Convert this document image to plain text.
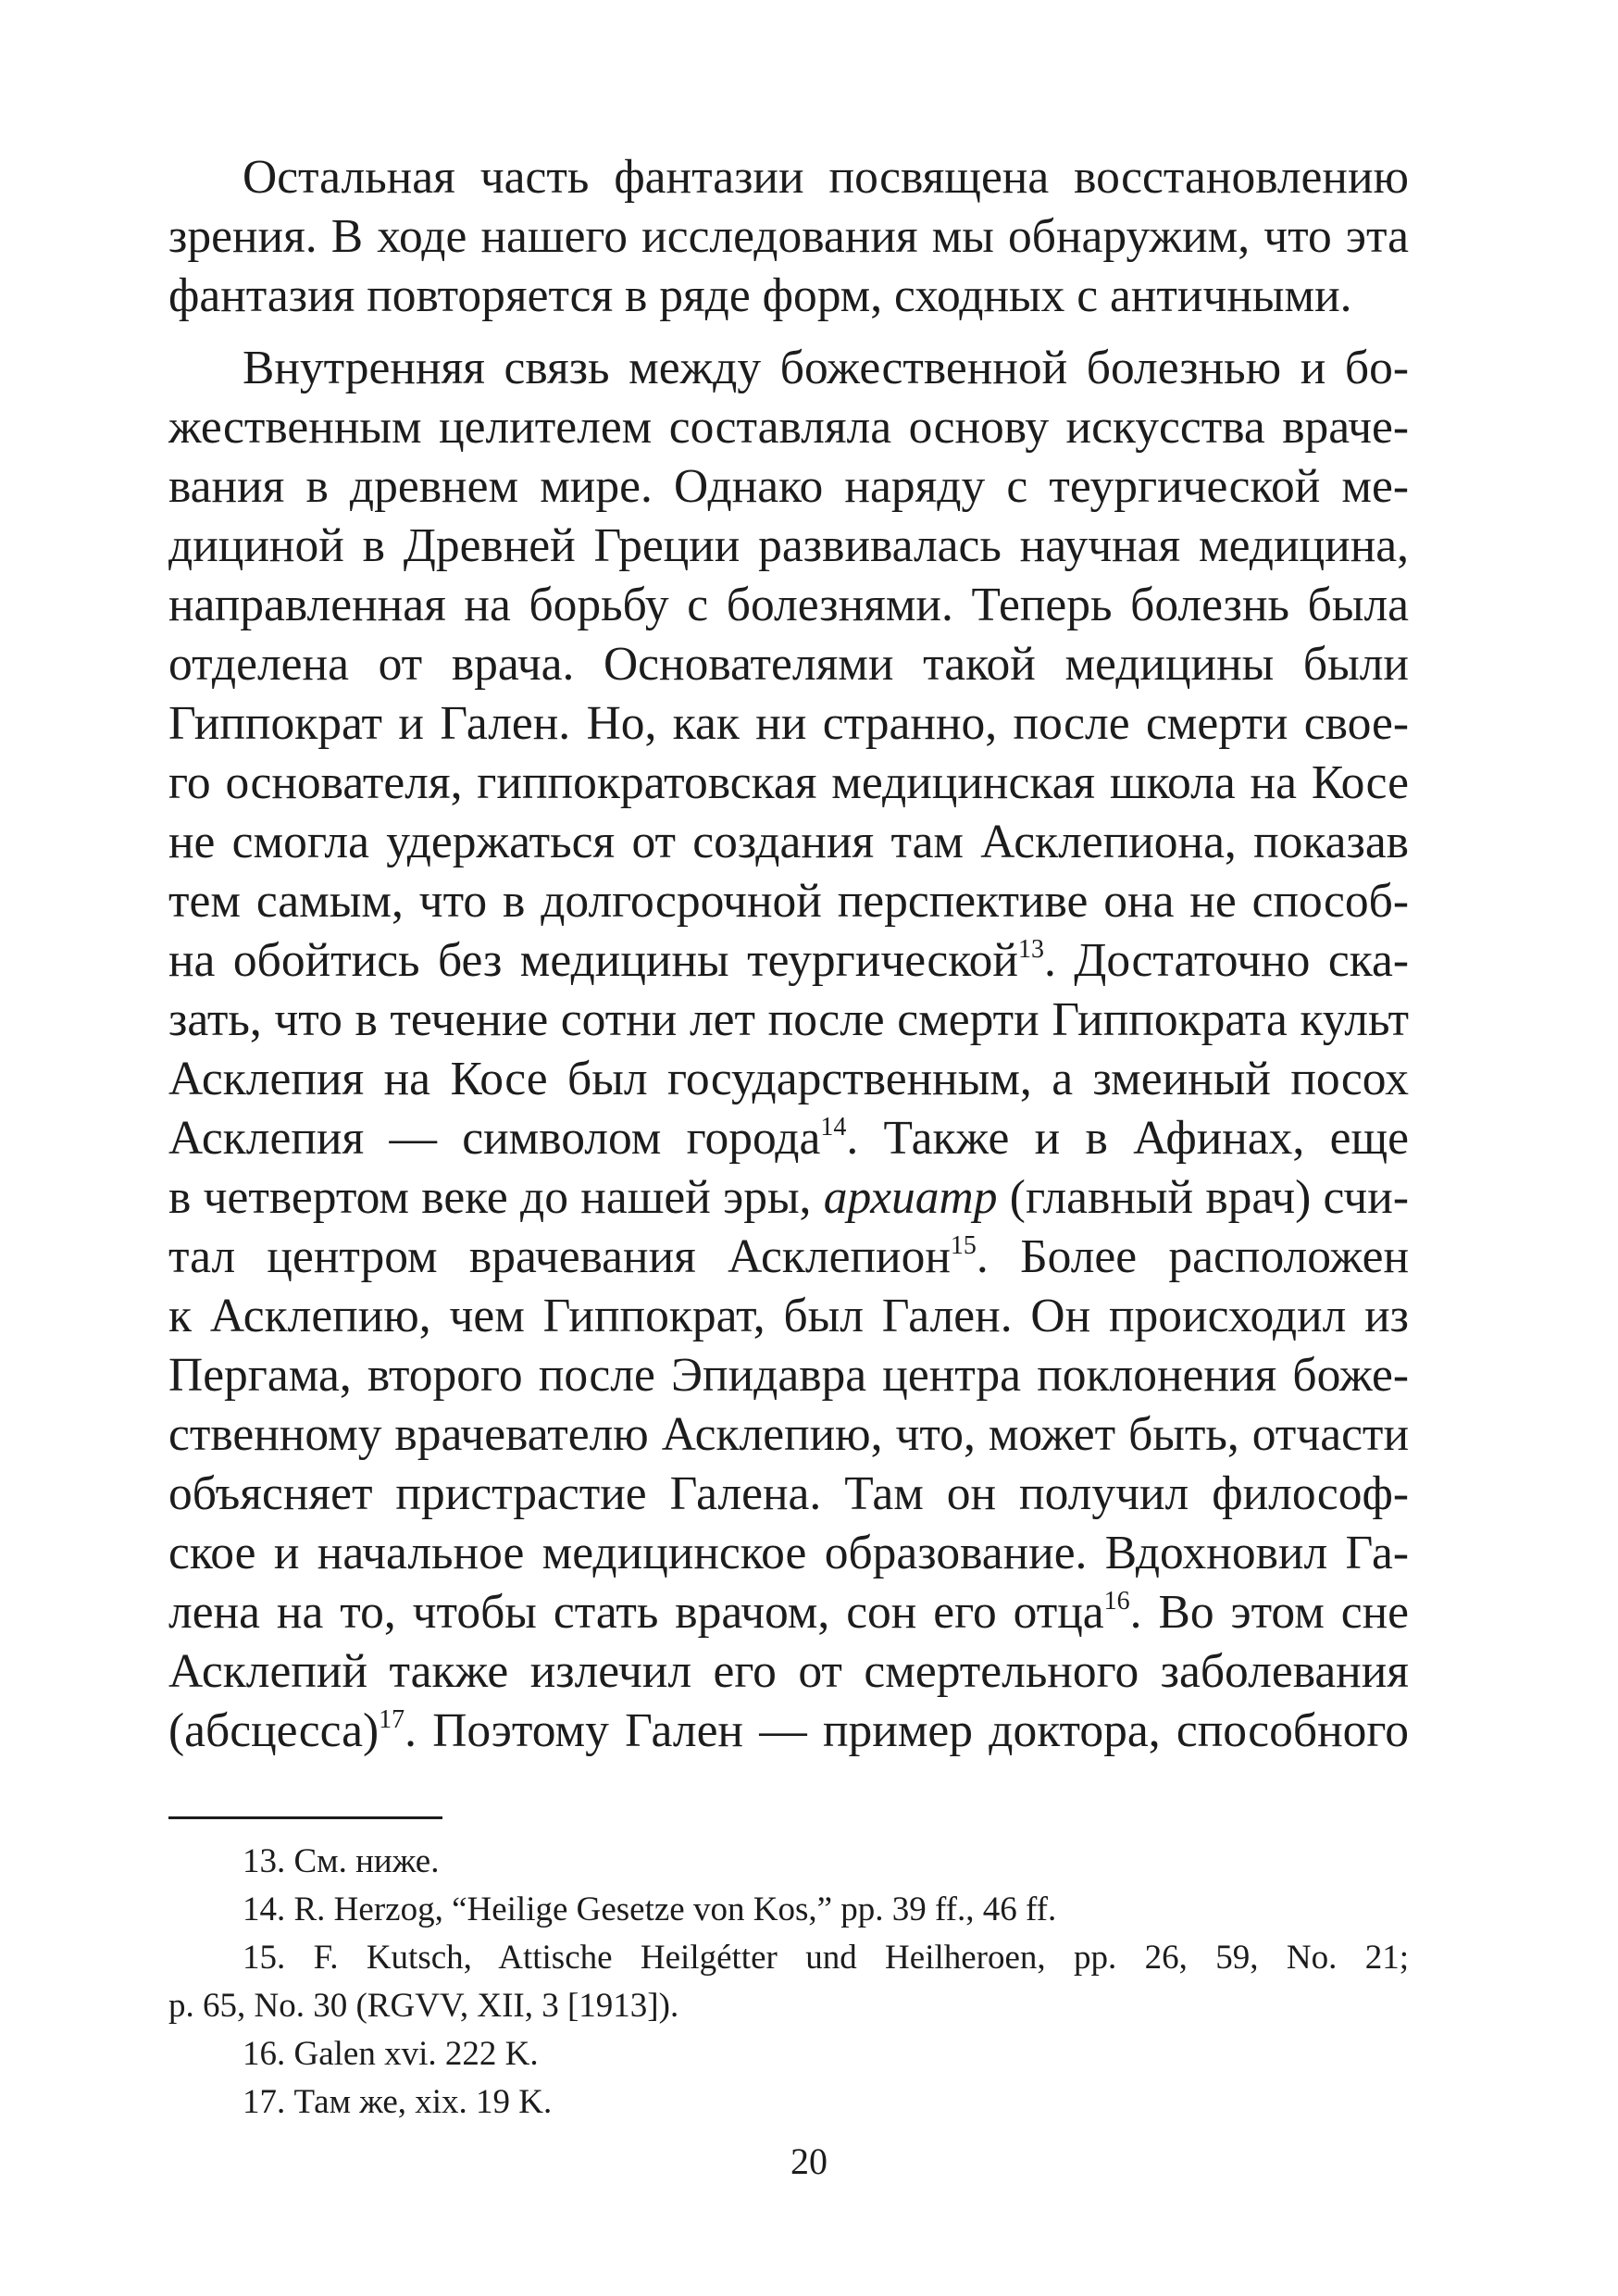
Остальная часть фантазии посвящена восстановлению
зрения. В ходе нашего исследования мы обнаружим, что эта
фантазия повторяется в ряде форм, сходных с античными.
Внутренняя связь между божественной болезнью и бо-
жественным целителем составляла основу искусства враче-
вания в древнем мире. Однако наряду с теургической ме-
дициной в Древней Греции развивалась научная медицина,
направленная на борьбу с болезнями. Теперь болезнь была
отделена от врача. Основателями такой медицины были
Гиппократ и Гален. Но, как ни странно, после смерти свое-
го основателя, гиппократовская медицинская школа на Косе
не смогла удержаться от создания там Асклепиона, показав
тем самым, что в долгосрочной перспективе она не способ-
на обойтись без медицины теургической$^{13}$. Достаточно ска-
зать, что в течение сотни лет после смерти Гиппократа культ
Асклепия на Косе был государственным, а змеиный посох
Асклепия — символом города$^{14}$. Также и в Афинах, еще
в четвертом веке до нашей эры, архиатр (главный врач) счи-
тал центром врачевания Асклепион$^{15}$. Более расположен
к Асклепию, чем Гиппократ, был Гален. Он происходил из
Пергама, второго после Эпидавра центра поклонения боже-
ственному врачевателю Асклепию, что, может быть, отчасти
объясняет пристрастие Галена. Там он получил философ-
ское и начальное медицинское образование. Вдохновил Га-
лена на то, чтобы стать врачом, сон его отца$^{16}$. Во этом сне
Асклепий также излечил его от смертельного заболевания
(абсцесса)$^{17}$. Поэтому Гален — пример доктора, способного
13. См. ниже.
14. R. Herzog, “Heilige Gesetze von Kos,” pp. 39 ff., 46 ff.
15. F. Kutsch, Attische Heilgétter und Heilheroen, pp. 26, 59, No. 21;
p. 65, No. 30 (RGVV, XII, 3 [1913]).
16. Galen xvi. 222 K.
17. Там же, xix. 19 K.
20
